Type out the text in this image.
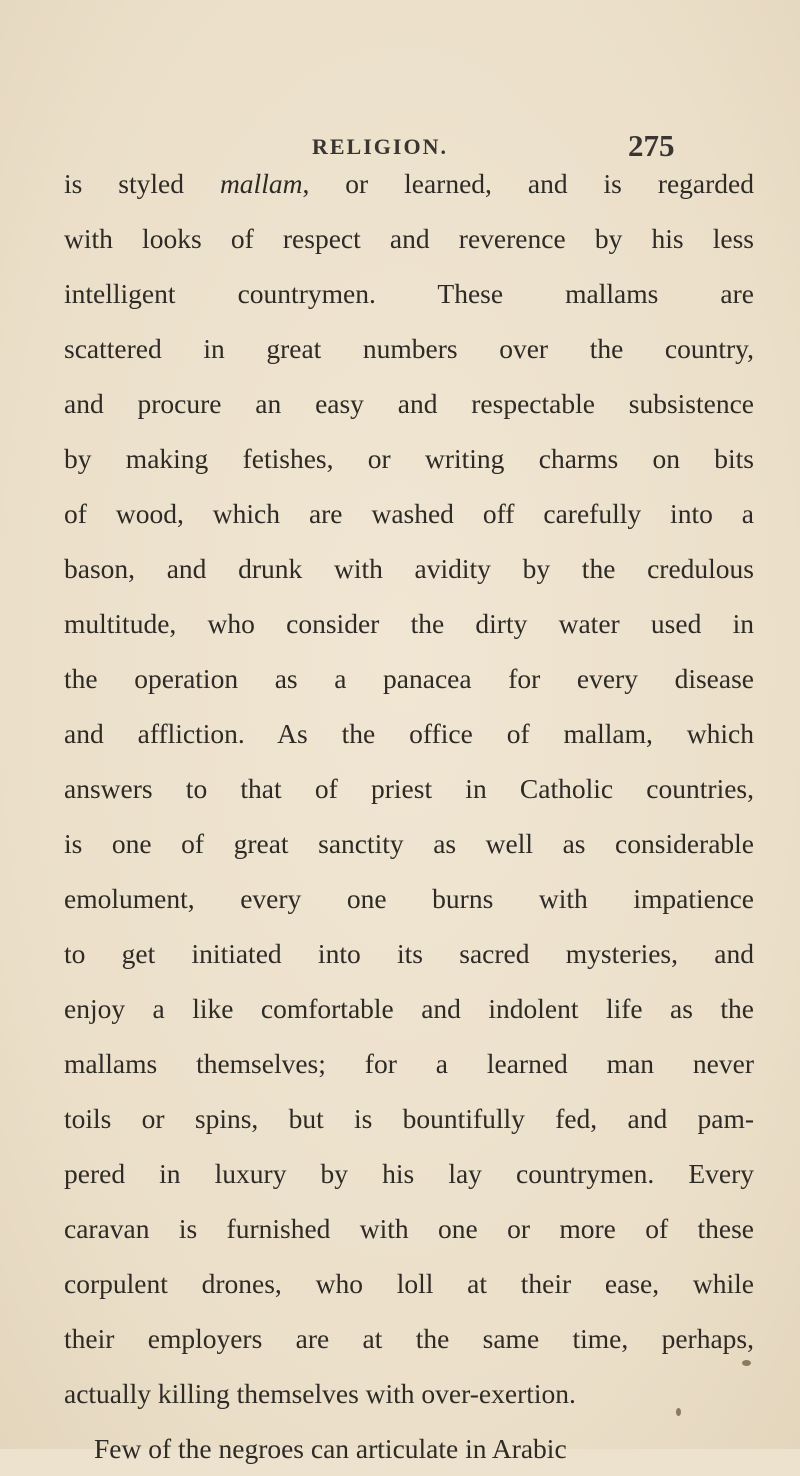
RELIGION.	275
is styled mallam, or learned, and is regarded
with looks of respect and reverence by his less
intelligent countrymen. These mallams are
scattered in great numbers over the country,
and procure an easy and respectable subsistence
by making fetishes, or writing charms on bits
of wood, which are washed off carefully into a
bason, and drunk with avidity by the credulous
multitude, who consider the dirty water used in
the operation as a panacea for every disease
and affliction. As the office of mallam, which
answers to that of priest in Catholic countries,
is one of great sanctity as well as considerable
emolument, every one burns with impatience
to get initiated into its sacred mysteries, and
enjoy a like comfortable and indolent life as the
mallams themselves; for a learned man never
toils or spins, but is bountifully fed, and pam-
pered in luxury by his lay countrymen. Every
caravan is furnished with one or more of these
corpulent drones, who loll at their ease, while
their employers are at the same time, perhaps,
actually killing themselves with over-exertion.
Few of the negroes can articulate in Arabic
